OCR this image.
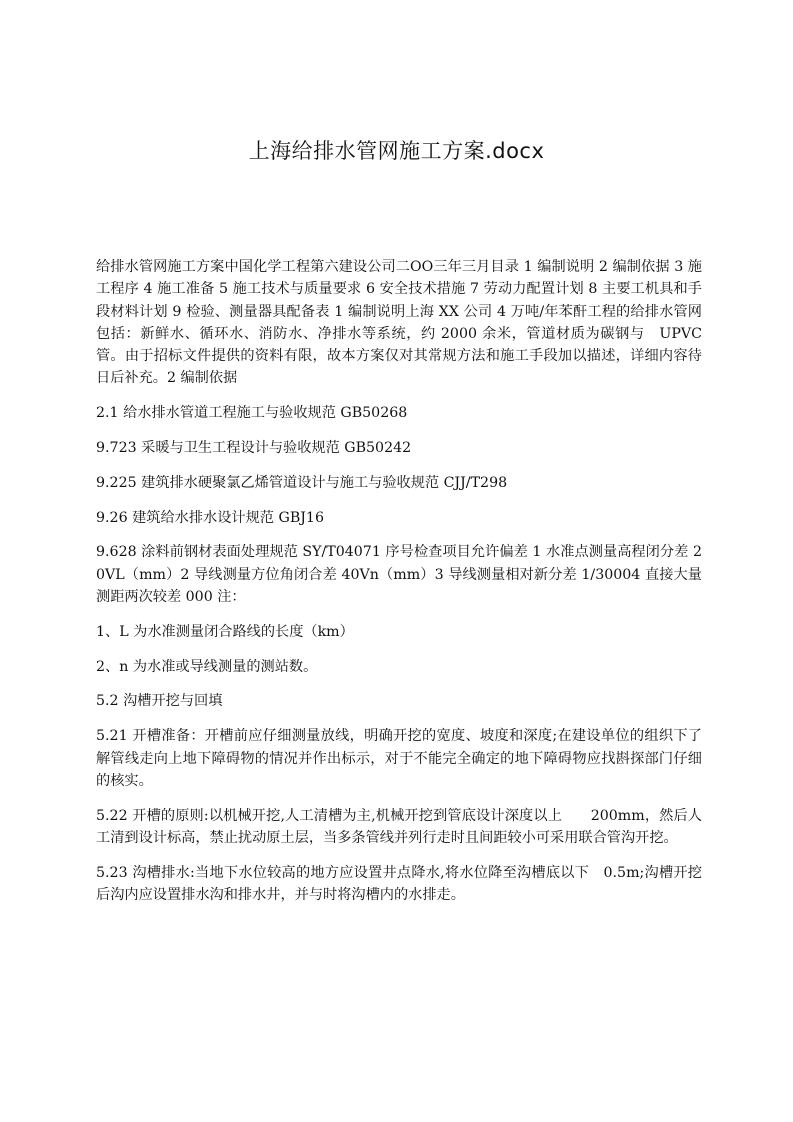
上海给排水管网施工方案.docx

给排水管网施工方案中国化学工程第六建设公司二OO三年三月目录 1 编制说明 2 编制依据 3 施工程序 4 施工准备 5 施工技术与质量要求 6 安全技术措施 7 劳动力配置计划 8 主要工机具和手段材料计划 9 检验、测量器具配备表 1 编制说明上海 XX 公司 4 万吨/年苯酐工程的给排水管网包括：新鲜水、循环水、消防水、净排水等系统，约 2000 余米，管道材质为碳钢与　UPVC 管。由于招标文件提供的资料有限，故本方案仅对其常规方法和施工手段加以描述，详细内容待日后补充。2 编制依据

2.1 给水排水管道工程施工与验收规范 GB50268

9.723 采暖与卫生工程设计与验收规范 GB50242

9.225 建筑排水硬聚氯乙烯管道设计与施工与验收规范 CJJ/T298

9.26 建筑给水排水设计规范 GBJ16

9.628 涂料前钢材表面处理规范 SY/T04071 序号检查项目允许偏差 1 水准点测量高程闭分差 20VL（mm）2 导线测量方位角闭合差 40Vn（mm）3 导线测量相对新分差 1/30004 直接大量测距两次较差 000 注：

1、L 为水准测量闭合路线的长度（km）

2、n 为水准或导线测量的测站数。

5.2 沟槽开挖与回填

5.21 开槽准备：开槽前应仔细测量放线，明确开挖的宽度、坡度和深度;在建设单位的组织下了解管线走向上地下障碍物的情况并作出标示，对于不能完全确定的地下障碍物应找斟探部门仔细的核实。

5.22 开槽的原则:以机械开挖,人工清槽为主,机械开挖到管底设计深度以上　　200mm，然后人工清到设计标高，禁止扰动原土层，当多条管线并列行走时且间距较小可采用联合管沟开挖。

5.23 沟槽排水:当地下水位较高的地方应设置井点降水,将水位降至沟槽底以下　0.5m;沟槽开挖后沟内应设置排水沟和排水井，并与时将沟槽内的水排走。
